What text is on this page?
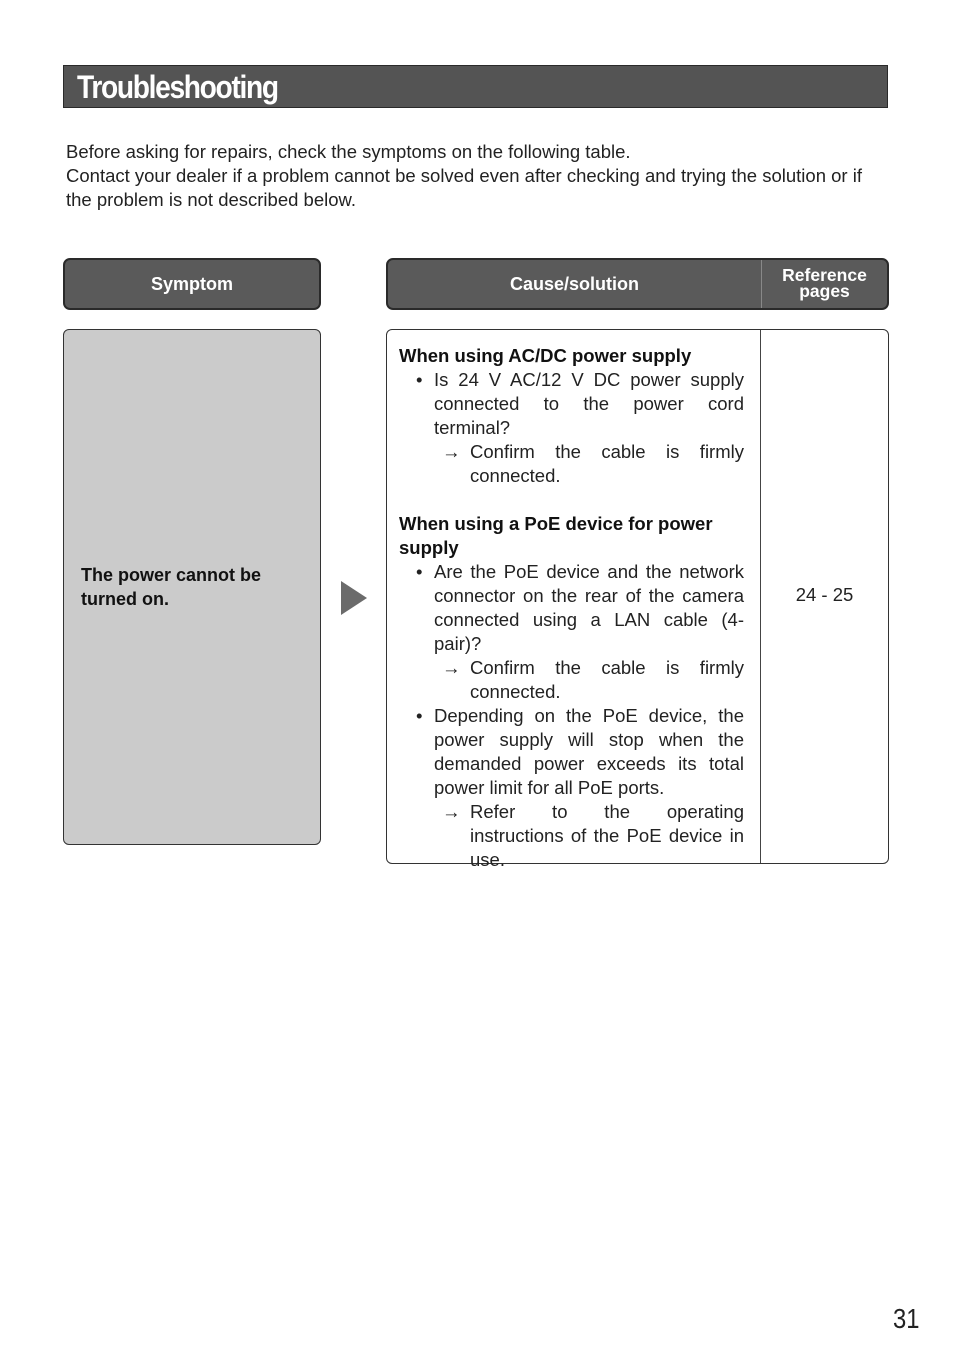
Troubleshooting

Before asking for repairs, check the symptoms on the following table.

Contact your dealer if a problem cannot be solved even after checking and trying the solution or if the problem is not described below.

Symptom	Cause/solution	Reference
pages
The power cannot be turned on.
When using AC/DC power supply
• Is 24 V AC/12 V DC power supply connected to the power cord terminal?
→ Confirm the cable is firmly connected.
When using a PoE device for power supply
• Are the PoE device and the network connector on the rear of the camera connected using a LAN cable (4-pair)?
→ Confirm the cable is firmly connected.
• Depending on the PoE device, the power supply will stop when the demanded power exceeds its total power limit for all PoE ports.
→ Refer to the operating instructions of the PoE device in use.
24 - 25
31
